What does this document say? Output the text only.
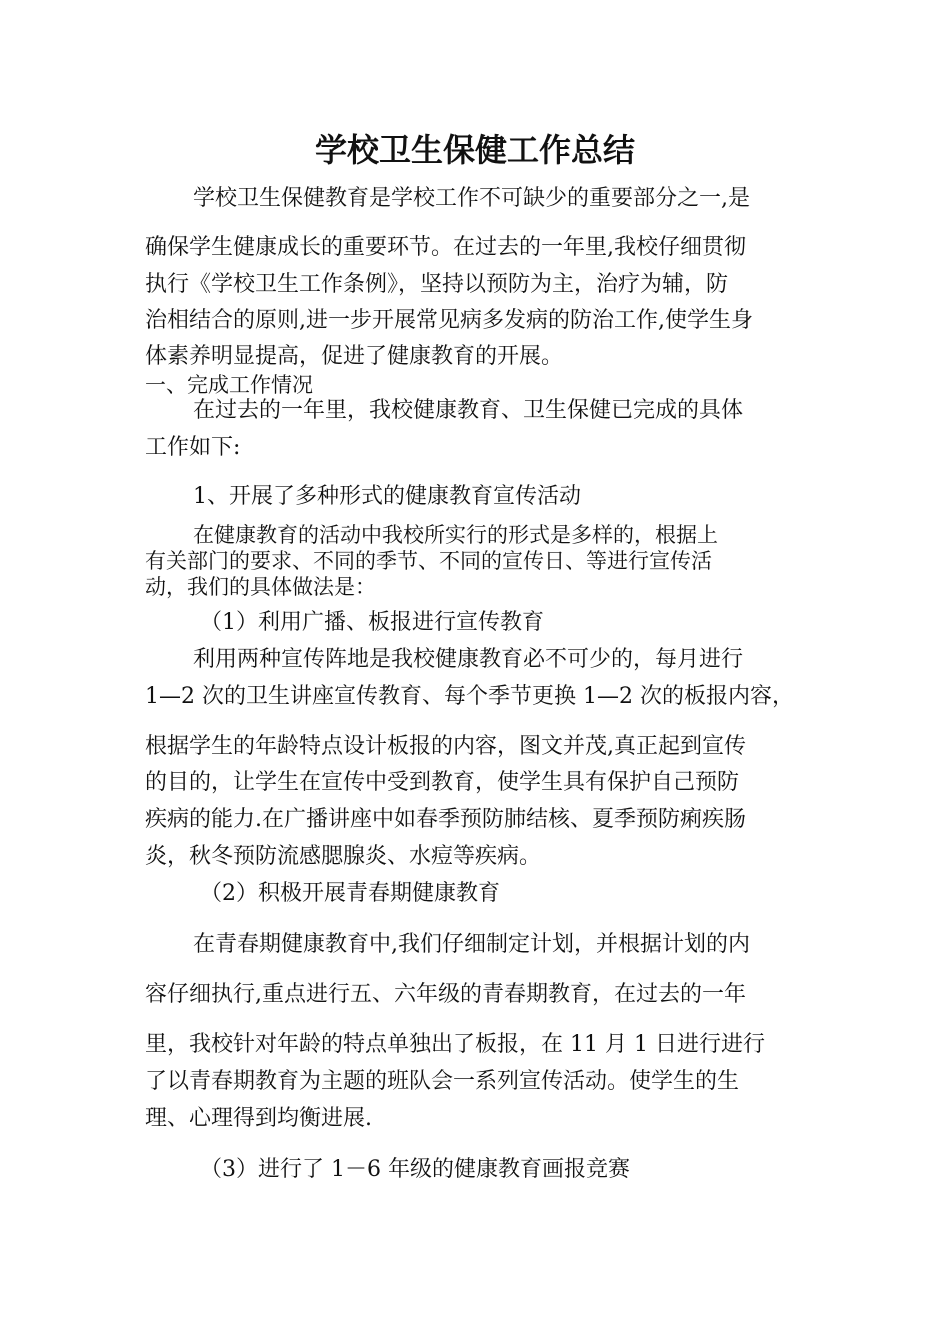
学校卫生保健工作总结
学校卫生保健教育是学校工作不可缺少的重要部分之一,是
确保学生健康成长的重要环节。在过去的一年里,我校仔细贯彻
执行《学校卫生工作条例》，坚持以预防为主，治疗为辅，防
治相结合的原则,进一步开展常见病多发病的防治工作,使学生身
体素养明显提高，促进了健康教育的开展。
一、完成工作情况
在过去的一年里，我校健康教育、卫生保健已完成的具体
工作如下:
1、开展了多种形式的健康教育宣传活动
在健康教育的活动中我校所实行的形式是多样的，根据上
有关部门的要求、不同的季节、不同的宣传日、等进行宣传活
动，我们的具体做法是：
（1）利用广播、板报进行宣传教育
利用两种宣传阵地是我校健康教育必不可少的，每月进行
1—2 次的卫生讲座宣传教育、每个季节更换 1—2 次的板报内容，
根据学生的年龄特点设计板报的内容，图文并茂,真正起到宣传
的目的，让学生在宣传中受到教育，使学生具有保护自己预防
疾病的能力.在广播讲座中如春季预防肺结核、夏季预防痢疾肠
炎，秋冬预防流感腮腺炎、水痘等疾病。
（2）积极开展青春期健康教育
在青春期健康教育中,我们仔细制定计划，并根据计划的内
容仔细执行,重点进行五、六年级的青春期教育，在过去的一年
里，我校针对年龄的特点单独出了板报，在 11 月 1 日进行进行
了以青春期教育为主题的班队会一系列宣传活动。使学生的生
理、心理得到均衡进展.
（3）进行了 1－6 年级的健康教育画报竞赛
